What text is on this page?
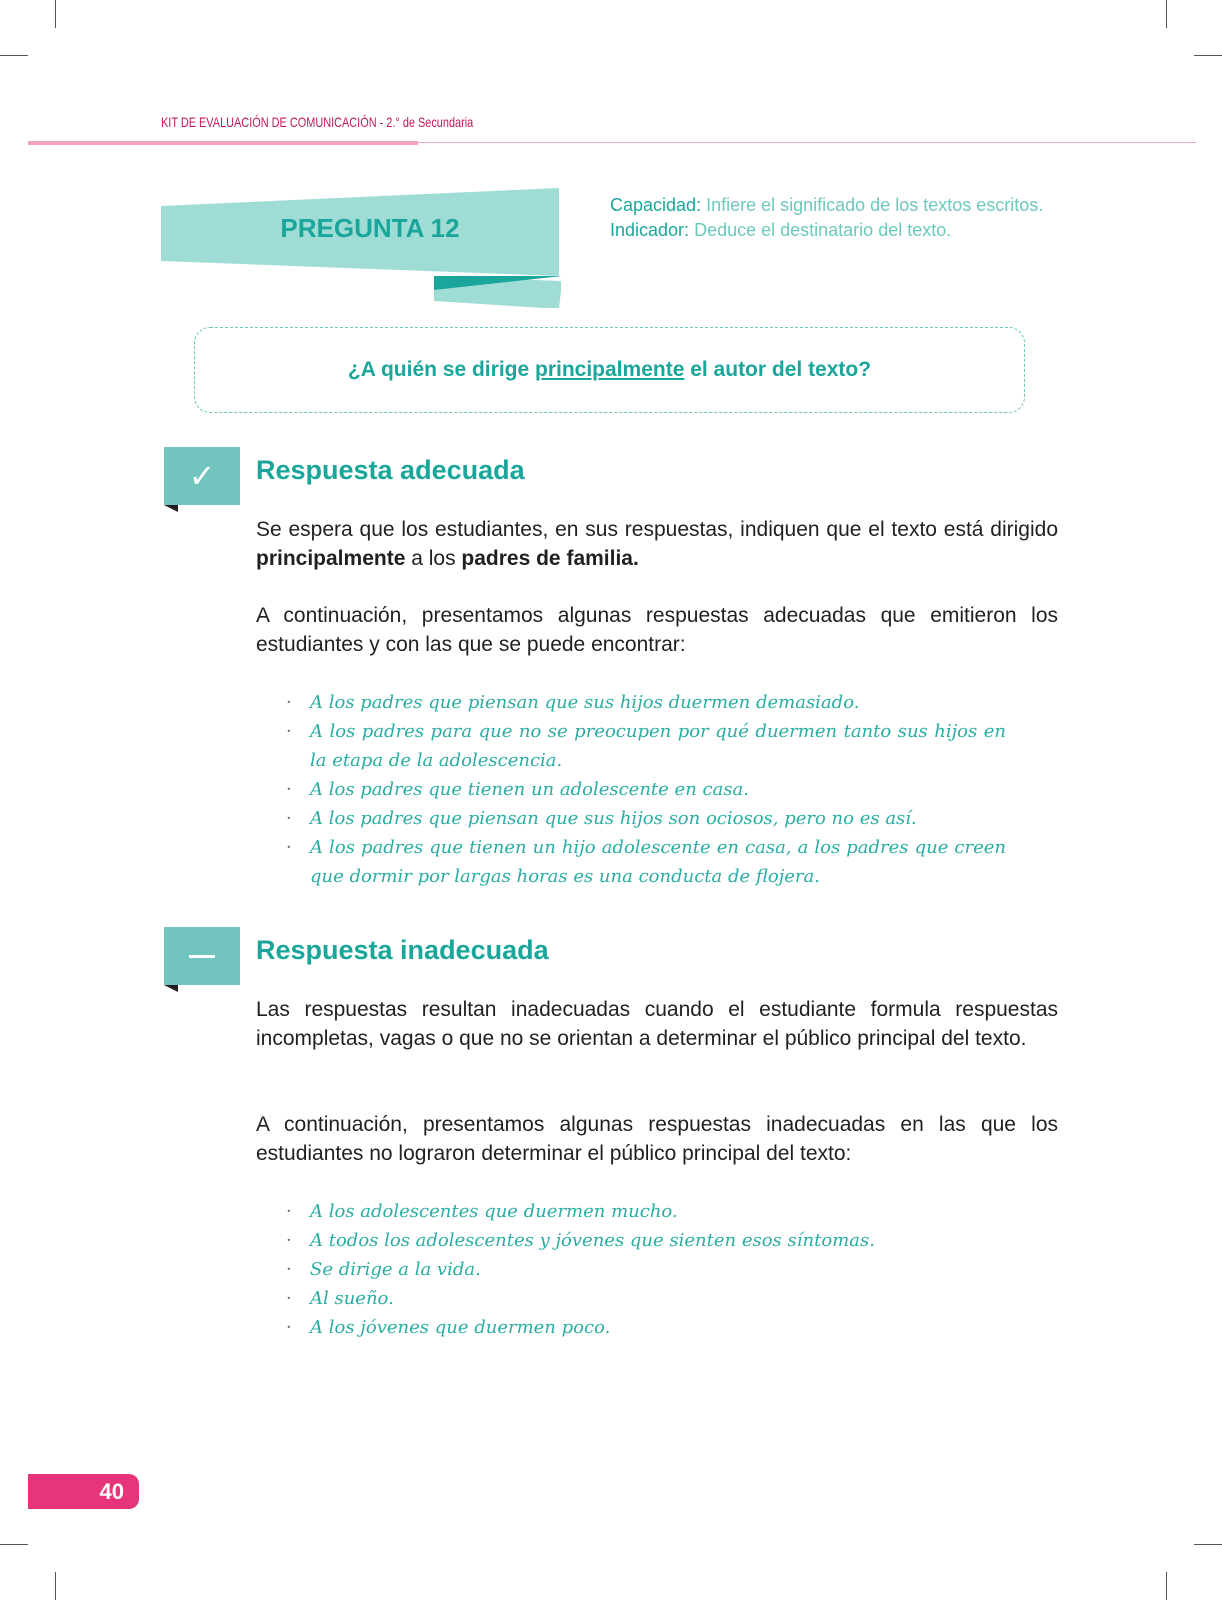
KIT DE EVALUACIÓN DE COMUNICACIÓN - 2.° de Secundaria
PREGUNTA 12
Capacidad: Infiere el significado de los textos escritos.
Indicador: Deduce el destinatario del texto.
¿A quién se dirige principalmente el autor del texto?
✓	Respuesta adecuada

Se espera que los estudiantes, en sus respuestas, indiquen que el texto está dirigido principalmente a los padres de familia.

A continuación, presentamos algunas respuestas adecuadas que emitieron los estudiantes y con las que se puede encontrar:

· A los padres que piensan que sus hijos duermen demasiado.
· A los padres para que no se preocupen por qué duermen tanto sus hijos en la etapa de la adolescencia.
· A los padres que tienen un adolescente en casa.
· A los padres que piensan que sus hijos son ociosos, pero no es así.
· A los padres que tienen un hijo adolescente en casa, a los padres que creen que dormir por largas horas es una conducta de flojera.
Respuesta inadecuada

Las respuestas resultan inadecuadas cuando el estudiante formula respuestas incompletas, vagas o que no se orientan a determinar el público principal del texto.

A continuación, presentamos algunas respuestas inadecuadas en las que los estudiantes no lograron determinar el público principal del texto:

· A los adolescentes que duermen mucho.
· A todos los adolescentes y jóvenes que sienten esos síntomas.
· Se dirige a la vida.
· Al sueño.
· A los jóvenes que duermen poco.
40
